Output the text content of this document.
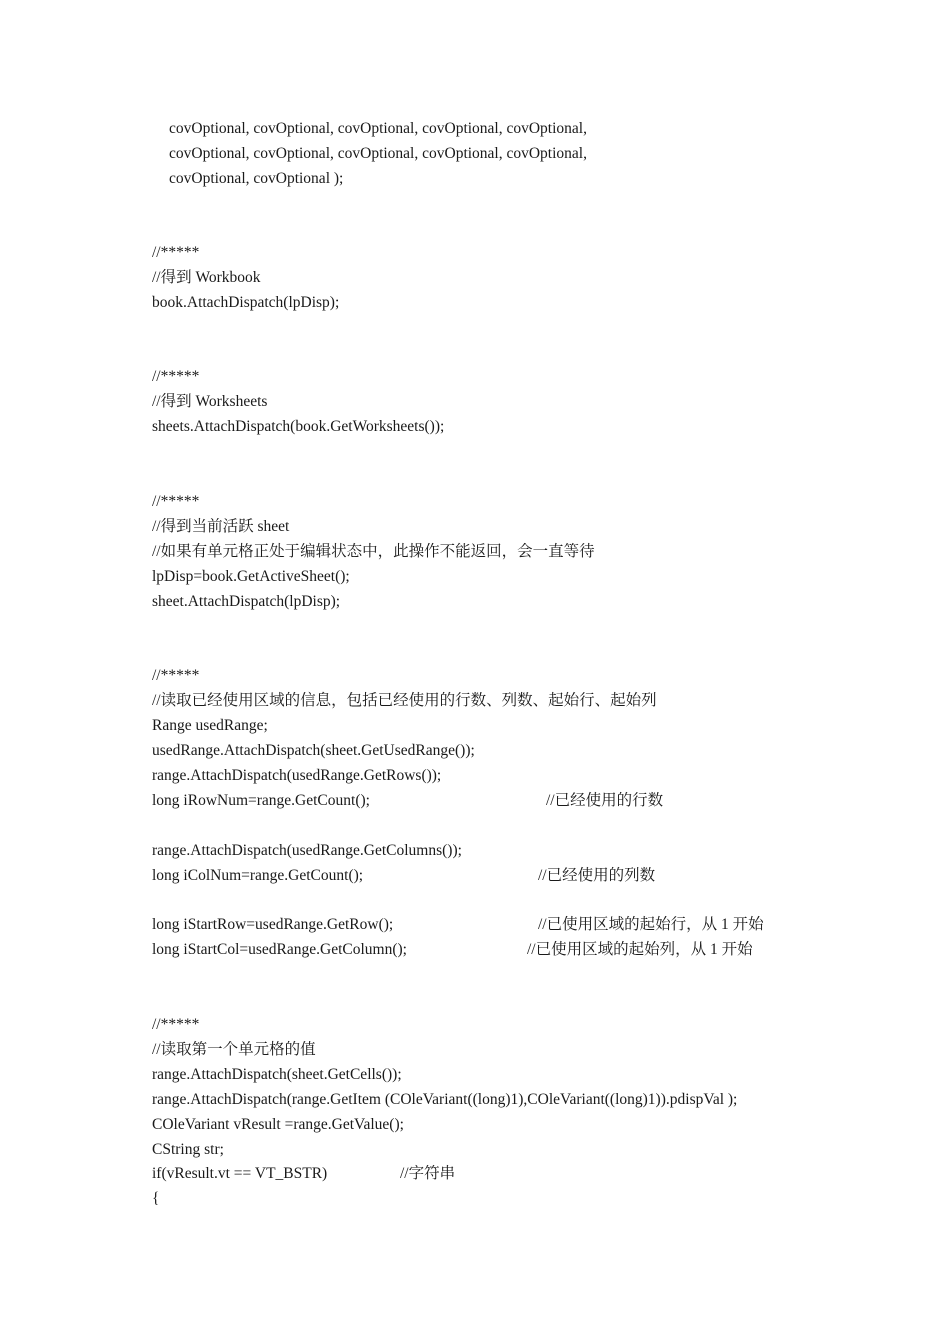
covOptional, covOptional, covOptional, covOptional, covOptional,
covOptional, covOptional, covOptional, covOptional, covOptional,
covOptional, covOptional );
//*****
//得到 Workbook
book.AttachDispatch(lpDisp);
//*****
//得到 Worksheets
sheets.AttachDispatch(book.GetWorksheets());
//*****
//得到当前活跃 sheet
//如果有单元格正处于编辑状态中，此操作不能返回，会一直等待
lpDisp=book.GetActiveSheet();
sheet.AttachDispatch(lpDisp);
//*****
//读取已经使用区域的信息，包括已经使用的行数、列数、起始行、起始列
Range usedRange;
usedRange.AttachDispatch(sheet.GetUsedRange());
range.AttachDispatch(usedRange.GetRows());
long iRowNum=range.GetCount();	//已经使用的行数
range.AttachDispatch(usedRange.GetColumns());
long iColNum=range.GetCount();	//已经使用的列数
long iStartRow=usedRange.GetRow();	//已使用区域的起始行，从 1 开始
long iStartCol=usedRange.GetColumn();	//已使用区域的起始列，从 1 开始
//*****
//读取第一个单元格的值
range.AttachDispatch(sheet.GetCells());
range.AttachDispatch(range.GetItem (COleVariant((long)1),COleVariant((long)1)).pdispVal );
COleVariant vResult =range.GetValue();
CString str;
if(vResult.vt == VT_BSTR)	//字符串
{
